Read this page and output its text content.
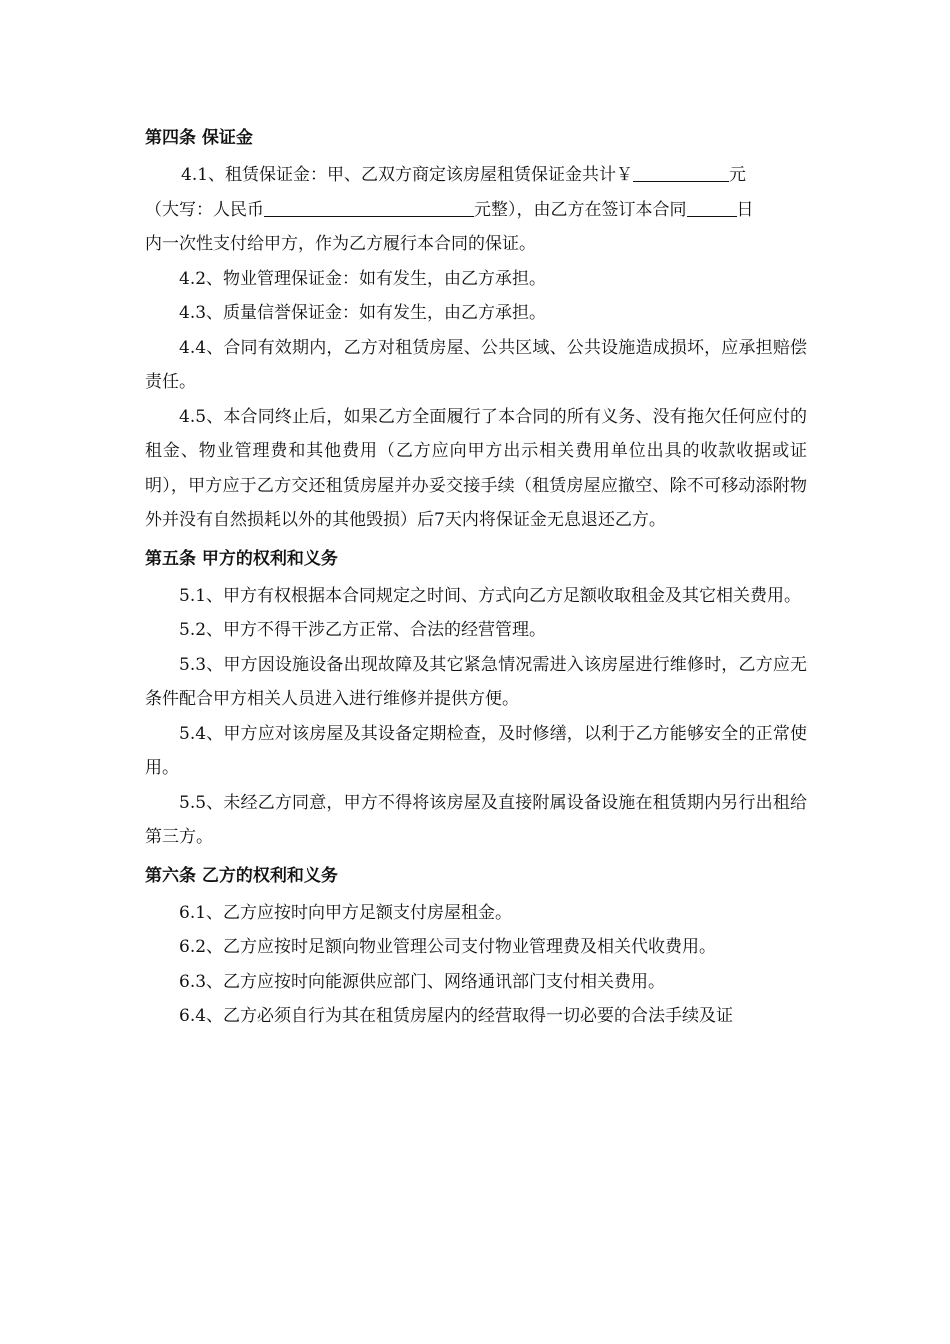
第四条 保证金
4.1、租赁保证金：甲、乙双方商定该房屋租赁保证金共计￥	元
（大写：人民币	元整），由乙方在签订本合同	日
内一次性支付给甲方，作为乙方履行本合同的保证。

4.2、物业管理保证金：如有发生，由乙方承担。

4.3、质量信誉保证金：如有发生，由乙方承担。

4.4、合同有效期内，乙方对租赁房屋、公共区域、公共设施造成损坏，应承担赔偿责任。

4.5、本合同终止后，如果乙方全面履行了本合同的所有义务、没有拖欠任何应付的租金、物业管理费和其他费用（乙方应向甲方出示相关费用单位出具的收款收据或证明），甲方应于乙方交还租赁房屋并办妥交接手续（租赁房屋应撤空、除不可移动添附物外并没有自然损耗以外的其他毁损）后7天内将保证金无息退还乙方。

第五条 甲方的权利和义务

5.1、甲方有权根据本合同规定之时间、方式向乙方足额收取租金及其它相关费用。

5.2、甲方不得干涉乙方正常、合法的经营管理。

5.3、甲方因设施设备出现故障及其它紧急情况需进入该房屋进行维修时，乙方应无条件配合甲方相关人员进入进行维修并提供方便。

5.4、甲方应对该房屋及其设备定期检查，及时修缮，以利于乙方能够安全的正常使用。

5.5、未经乙方同意，甲方不得将该房屋及直接附属设备设施在租赁期内另行出租给第三方。

第六条 乙方的权利和义务

6.1、乙方应按时向甲方足额支付房屋租金。

6.2、乙方应按时足额向物业管理公司支付物业管理费及相关代收费用。

6.3、乙方应按时向能源供应部门、网络通讯部门支付相关费用。

6.4、乙方必须自行为其在租赁房屋内的经营取得一切必要的合法手续及证
